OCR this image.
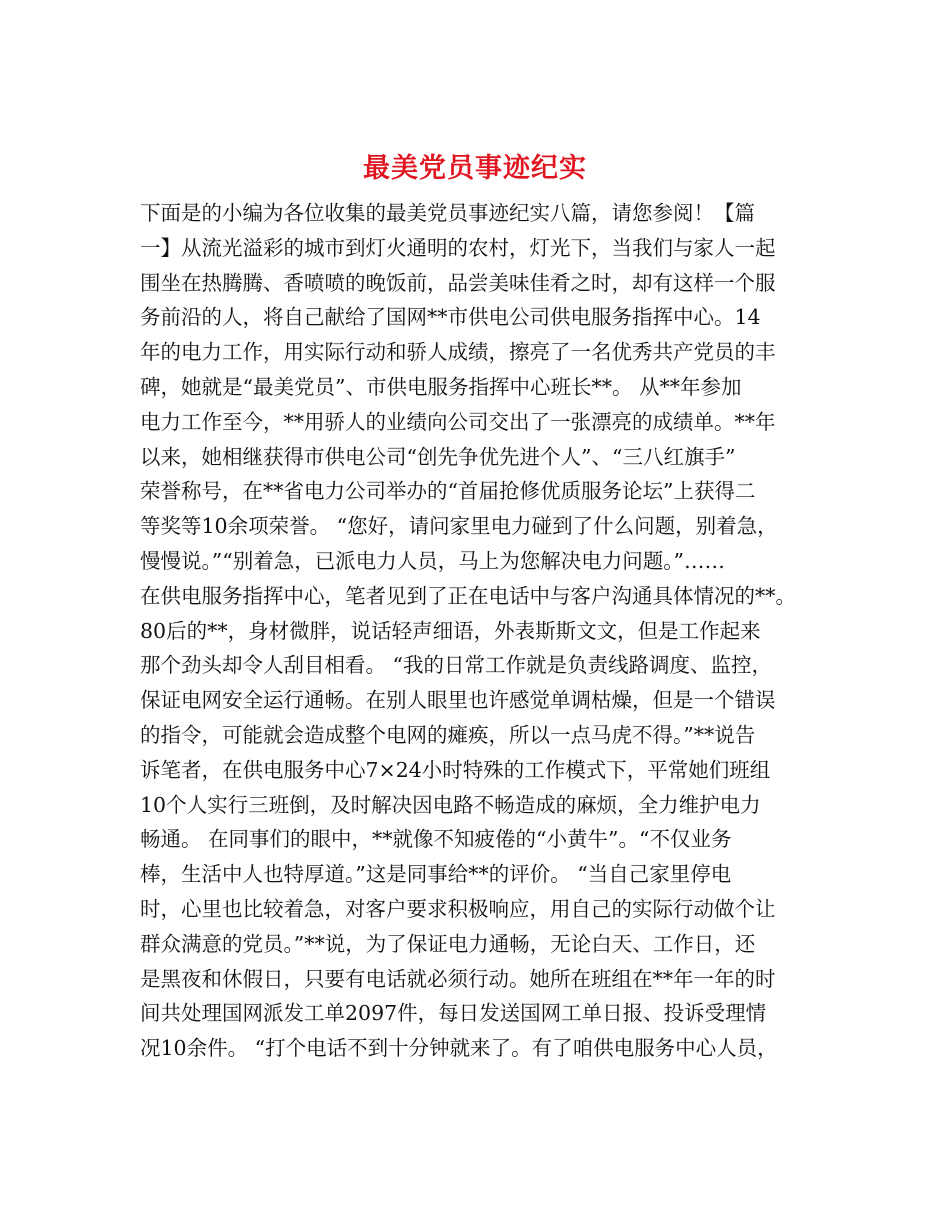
最美党员事迹纪实
下面是的小编为各位收集的最美党员事迹纪实八篇，请您参阅！【篇
一】从流光溢彩的城市到灯火通明的农村，灯光下，当我们与家人一起
围坐在热腾腾、香喷喷的晚饭前，品尝美味佳肴之时，却有这样一个服
务前沿的人，将自己献给了国网**市供电公司供电服务指挥中心。14
年的电力工作，用实际行动和骄人成绩，擦亮了一名优秀共产党员的丰
碑，她就是“最美党员”、市供电服务指挥中心班长**。 从**年参加
电力工作至今，**用骄人的业绩向公司交出了一张漂亮的成绩单。**年
以来，她相继获得市供电公司“创先争优先进个人”、“三八红旗手”
荣誉称号，在**省电力公司举办的“首届抢修优质服务论坛”上获得二
等奖等10余项荣誉。 “您好，请问家里电力碰到了什么问题，别着急，
慢慢说。”“别着急，已派电力人员，马上为您解决电力问题。”……
在供电服务指挥中心，笔者见到了正在电话中与客户沟通具体情况的**。
80后的**，身材微胖，说话轻声细语，外表斯斯文文，但是工作起来
那个劲头却令人刮目相看。 “我的日常工作就是负责线路调度、监控，
保证电网安全运行通畅。在别人眼里也许感觉单调枯燥，但是一个错误
的指令，可能就会造成整个电网的瘫痪，所以一点马虎不得。”**说告
诉笔者，在供电服务中心7×24小时特殊的工作模式下，平常她们班组
10个人实行三班倒，及时解决因电路不畅造成的麻烦，全力维护电力
畅通。 在同事们的眼中，**就像不知疲倦的“小黄牛”。“不仅业务
棒，生活中人也特厚道。”这是同事给**的评价。 “当自己家里停电
时，心里也比较着急，对客户要求积极响应，用自己的实际行动做个让
群众满意的党员。”**说，为了保证电力通畅，无论白天、工作日，还
是黑夜和休假日，只要有电话就必须行动。她所在班组在**年一年的时
间共处理国网派发工单2097件，每日发送国网工单日报、投诉受理情
况10余件。 “打个电话不到十分钟就来了。有了咱供电服务中心人员，
